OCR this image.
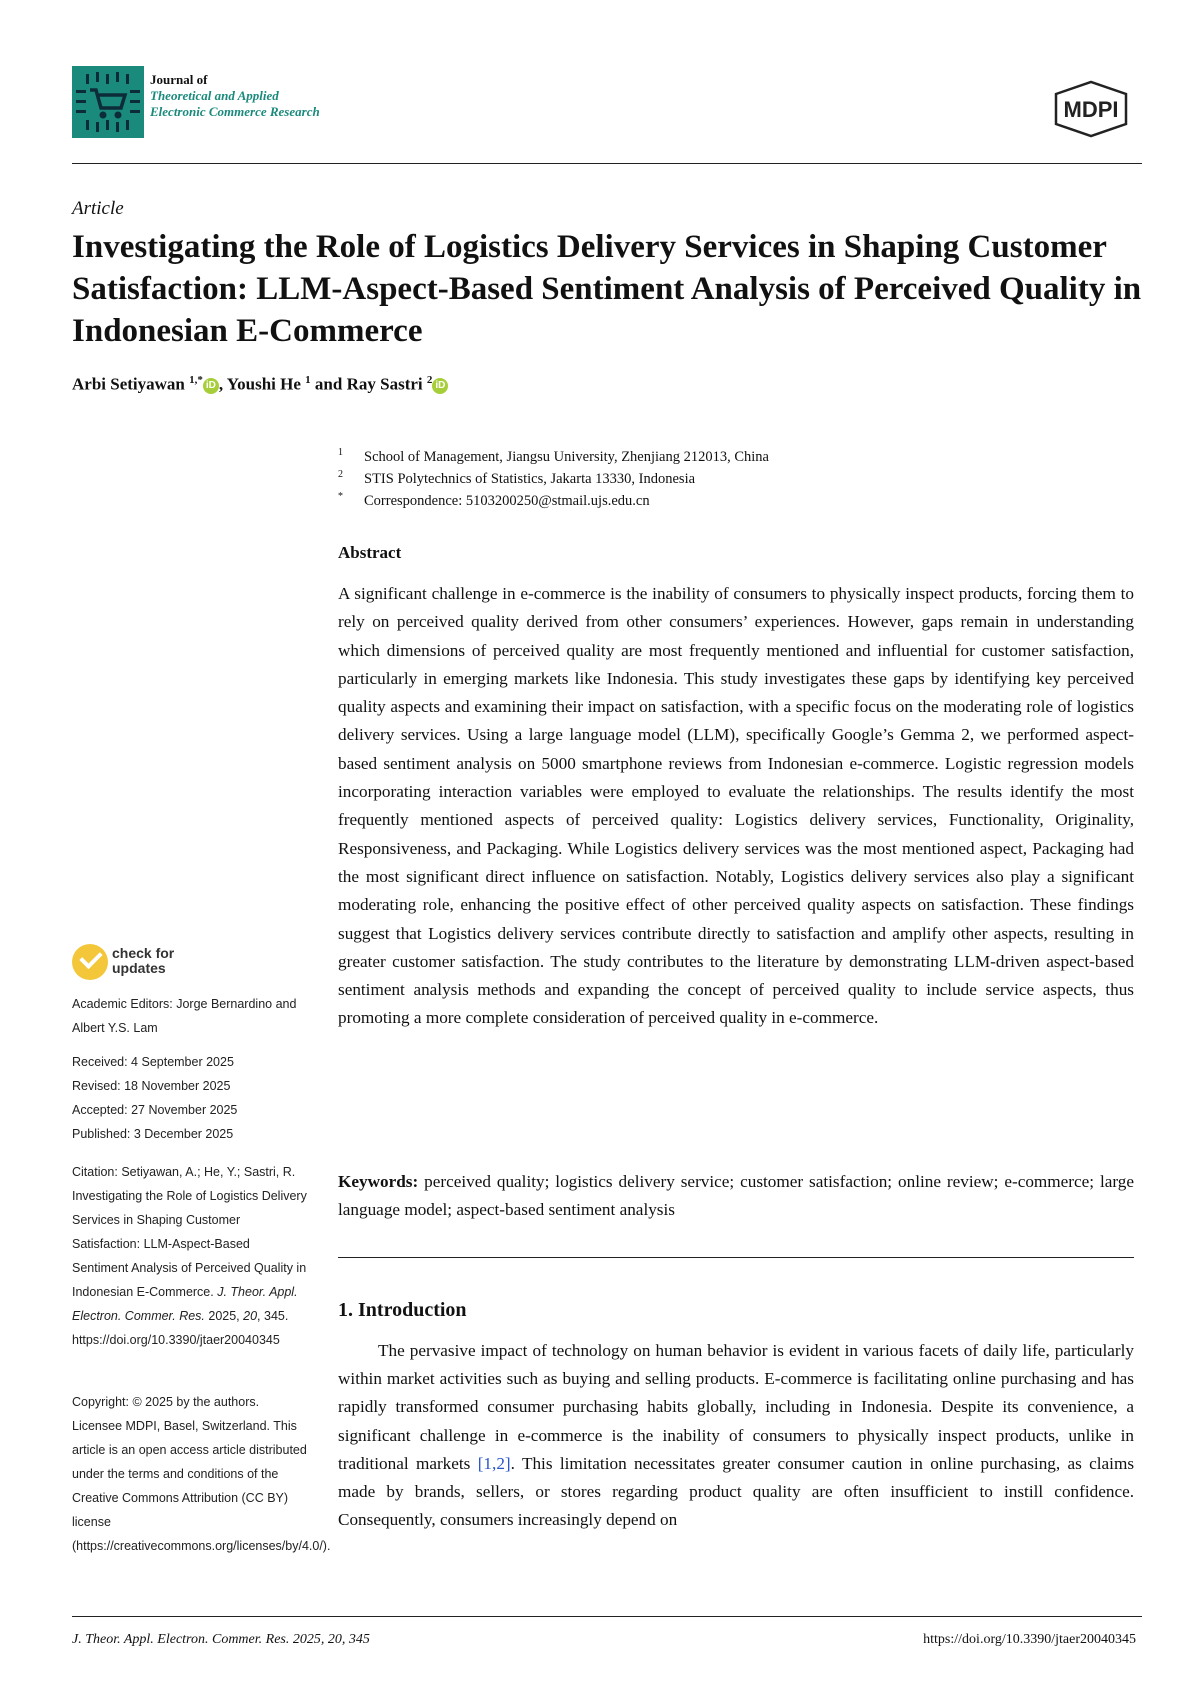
Journal of
Theoretical and Applied
Electronic Commerce Research	MDPI
Article
Investigating the Role of Logistics Delivery Services in Shaping Customer Satisfaction: LLM-Aspect-Based Sentiment Analysis of Perceived Quality in Indonesian E-Commerce
Arbi Setiyawan $^{1,*}$ iD , Youshi He $^1$ and Ray Sastri $^2$ iD
1 School of Management, Jiangsu University, Zhenjiang 212013, China
2 STIS Polytechnics of Statistics, Jakarta 13330, Indonesia
* Correspondence: 5103200250@stmail.ujs.edu.cn
Abstract

A significant challenge in e-commerce is the inability of consumers to physically inspect products, forcing them to rely on perceived quality derived from other consumers’ experiences. However, gaps remain in understanding which dimensions of perceived quality are most frequently mentioned and influential for customer satisfaction, particularly in emerging markets like Indonesia. This study investigates these gaps by identifying key perceived quality aspects and examining their impact on satisfaction, with a specific focus on the moderating role of logistics delivery services. Using a large language model (LLM), specifically Google’s Gemma 2, we performed aspect-based sentiment analysis on 5000 smartphone reviews from Indonesian e-commerce. Logistic regression models incorporating interaction variables were employed to evaluate the relationships. The results identify the most frequently mentioned aspects of perceived quality: Logistics delivery services, Functionality, Originality, Responsiveness, and Packaging. While Logistics delivery services was the most mentioned aspect, Packaging had the most significant direct influence on satisfaction. Notably, Logistics delivery services also play a significant moderating role, enhancing the positive effect of other perceived quality aspects on satisfaction. These findings suggest that Logistics delivery services contribute directly to satisfaction and amplify other aspects, resulting in greater customer satisfaction. The study contributes to the literature by demonstrating LLM-driven aspect-based sentiment analysis methods and expanding the concept of perceived quality to include service aspects, thus promoting a more complete consideration of perceived quality in e-commerce.

Keywords: perceived quality; logistics delivery service; customer satisfaction; online review; e-commerce; large language model; aspect-based sentiment analysis

1. Introduction

The pervasive impact of technology on human behavior is evident in various facets of daily life, particularly within market activities such as buying and selling products. E-commerce is facilitating online purchasing and has rapidly transformed consumer purchasing habits globally, including in Indonesia. Despite its convenience, a significant challenge in e-commerce is the inability of consumers to physically inspect products, unlike in traditional markets [1,2]. This limitation necessitates greater consumer caution in online purchasing, as claims made by brands, sellers, or stores regarding product quality are often insufficient to instill confidence. Consequently, consumers increasingly depend on

check for
updates

Academic Editors: Jorge Bernardino and Albert Y.S. Lam

Received: 4 September 2025
Revised: 18 November 2025
Accepted: 27 November 2025
Published: 3 December 2025

Citation: Setiyawan, A.; He, Y.; Sastri, R. Investigating the Role of Logistics Delivery Services in Shaping Customer Satisfaction: LLM-Aspect-Based Sentiment Analysis of Perceived Quality in Indonesian E-Commerce. J. Theor. Appl. Electron. Commer. Res. 2025, 20, 345. https://doi.org/10.3390/jtaer20040345

Copyright: © 2025 by the authors. Licensee MDPI, Basel, Switzerland. This article is an open access article distributed under the terms and conditions of the Creative Commons Attribution (CC BY) license (https://creativecommons.org/licenses/by/4.0/).

J. Theor. Appl. Electron. Commer. Res. 2025, 20, 345	https://doi.org/10.3390/jtaer20040345
